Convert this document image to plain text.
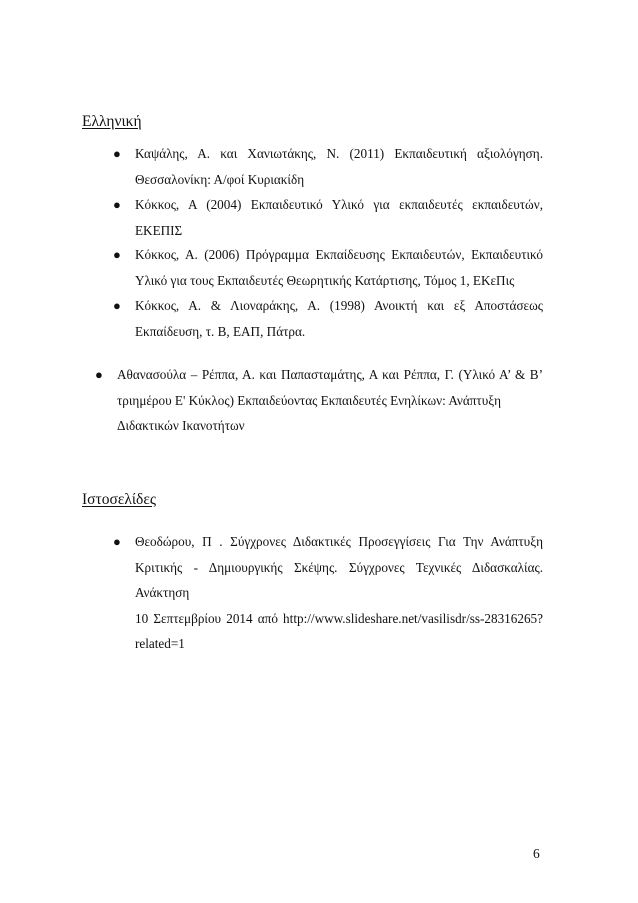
Ελληνική
● Καψάλης, Α. και Χανιωτάκης, Ν. (2011) Εκπαιδευτική αξιολόγηση.
Θεσσαλονίκη: Α/φοί Κυριακίδη
● Κόκκος, Α (2004) Εκπαιδευτικό Υλικό για εκπαιδευτές εκπαιδευτών,
ΕΚΕΠΙΣ
● Κόκκος, Α. (2006) Πρόγραμμα Εκπαίδευσης Εκπαιδευτών, Εκπαιδευτικό
Υλικό για τους Εκπαιδευτές Θεωρητικής Κατάρτισης, Τόμος 1, ΕΚεΠις
● Κόκκος, Α. & Λιοναράκης, Α. (1998) Ανοικτή και εξ Αποστάσεως
Εκπαίδευση, τ. Β, ΕΑΠ, Πάτρα.
● Αθανασούλα – Ρέππα, Α. και Παπασταμάτης, Α και Ρέππα, Γ. (Υλικό Α’ & Β’
τριημέρου Ε' Κύκλος) Εκπαιδεύοντας Εκπαιδευτές Ενηλίκων: Ανάπτυξη
Διδακτικών Ικανοτήτων
Ιστοσελίδες
● Θεοδώρου, Π . Σύγχρονες Διδακτικές Προσεγγίσεις Για Την Ανάπτυξη
Κριτικής - Δημιουργικής Σκέψης. Σύγχρονες Τεχνικές Διδασκαλίας. Ανάκτηση
10 Σεπτεμβρίου 2014 από http://www.slideshare.net/vasilisdr/ss-28316265?
related=1
6
